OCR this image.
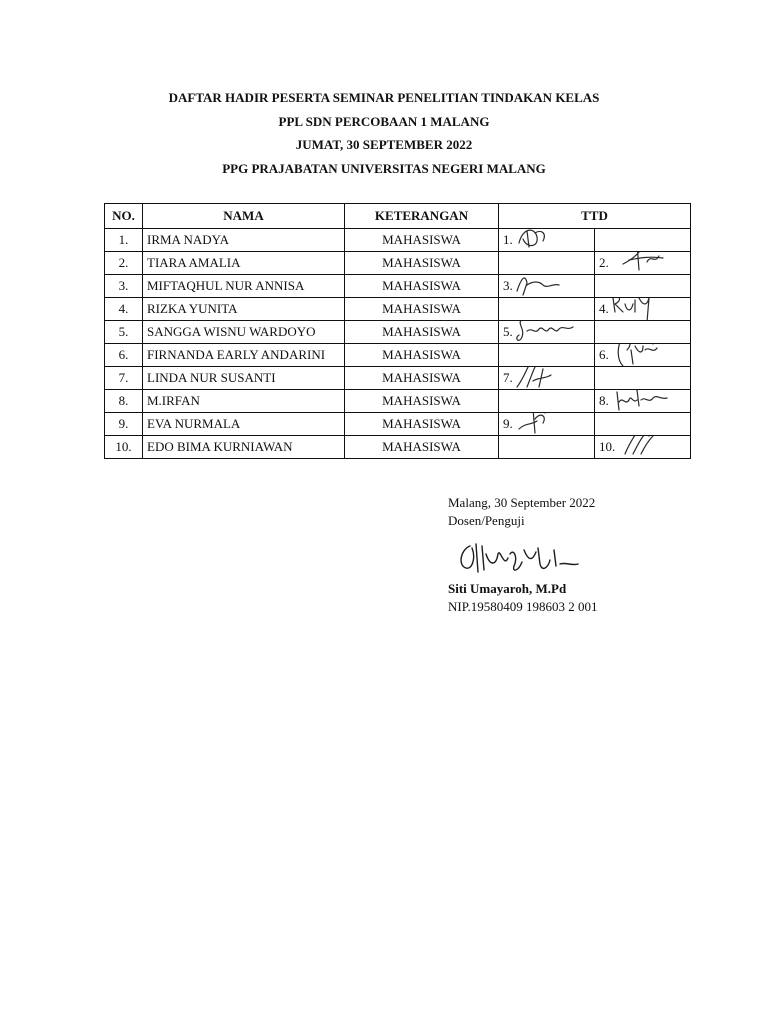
DAFTAR HADIR PESERTA SEMINAR PENELITIAN TINDAKAN KELAS
PPL SDN PERCOBAAN 1 MALANG
JUMAT, 30 SEPTEMBER 2022
PPG PRAJABATAN UNIVERSITAS NEGERI MALANG
NO.	NAMA	KETERANGAN	TTD	
1.	IRMA NADYA	MAHASISWA	1.

2.	TIARA AMALIA	MAHASISWA		2.

3.	MIFTAQHUL NUR ANNISA	MAHASISWA	3.

4.	RIZKA YUNITA	MAHASISWA		4.

5.	SANGGA WISNU WARDOYO	MAHASISWA	5.

6.	FIRNANDA EARLY ANDARINI	MAHASISWA		6.

7.	LINDA NUR SUSANTI	MAHASISWA	7.

8.	M.IRFAN	MAHASISWA		8.

9.	EVA NURMALA	MAHASISWA	9.

10.	EDO BIMA KURNIAWAN	MAHASISWA		10.
Malang, 30 September 2022
Dosen/Penguji
Siti Umayaroh, M.Pd
NIP.19580409 198603 2 001
